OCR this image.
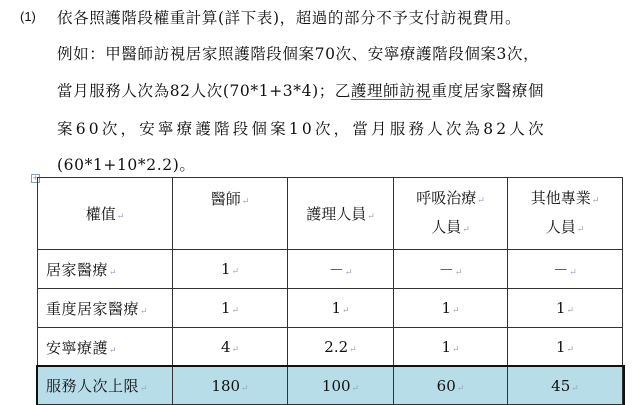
(1) 依各照護階段權重計算(詳下表)，超過的部分不予支付訪視費用。
例如：甲醫師訪視居家照護階段個案70次、安寧療護階段個案3次，
當月服務人次為82人次(70*1+3*4)；乙護理師訪視重度居家醫療個
案60次，安寧療護階段個案10次，當月服務人次為82人次
(60*1+10*2.2)。
+
權值↵	醫師↵	護理人員↵	呼吸治療↵
人員↵	其他專業↵
人員↵
居家醫療↵	1↵	－↵	－↵	－↵
重度居家醫療↵	1↵	1↵	1↵	1↵
安寧療護↵	4↵	2.2↵	1↵	1↵
服務人次上限↵	180↵	100↵	60↵	45↵
